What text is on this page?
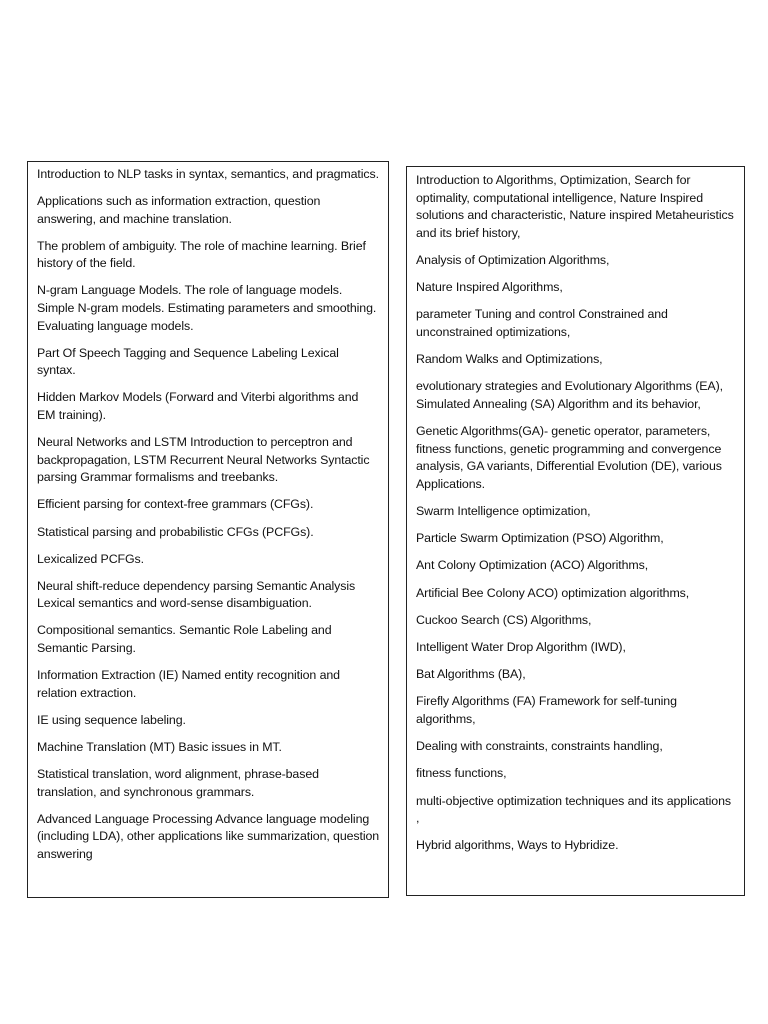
Introduction to NLP tasks in syntax, semantics, and pragmatics.

Applications such as information extraction, question answering, and machine translation.

The problem of ambiguity. The role of machine learning. Brief history of the field.

N-gram Language Models. The role of language models. Simple N-gram models. Estimating parameters and smoothing. Evaluating language models.

Part Of Speech Tagging and Sequence Labeling Lexical syntax.

Hidden Markov Models (Forward and Viterbi algorithms and EM training).

Neural Networks and LSTM Introduction to perceptron and backpropagation, LSTM Recurrent Neural Networks Syntactic parsing Grammar formalisms and treebanks.

Efficient parsing for context-free grammars (CFGs).

Statistical parsing and probabilistic CFGs (PCFGs).

Lexicalized PCFGs.

Neural shift-reduce dependency parsing Semantic Analysis Lexical semantics and word-sense disambiguation.

Compositional semantics. Semantic Role Labeling and Semantic Parsing.

Information Extraction (IE) Named entity recognition and relation extraction.

IE using sequence labeling.

Machine Translation (MT) Basic issues in MT.

Statistical translation, word alignment, phrase-based translation, and synchronous grammars.

Advanced Language Processing Advance language modeling (including LDA), other applications like summarization, question answering

Introduction to Algorithms, Optimization, Search for optimality, computational intelligence, Nature Inspired solutions and characteristic, Nature inspired Metaheuristics and its brief history,

Analysis of Optimization Algorithms,

Nature Inspired Algorithms,

parameter Tuning and control Constrained and unconstrained optimizations,

Random Walks and Optimizations,

evolutionary strategies and Evolutionary Algorithms (EA), Simulated Annealing (SA) Algorithm and its behavior,

Genetic Algorithms(GA)- genetic operator, parameters, fitness functions, genetic programming and convergence analysis, GA variants, Differential Evolution (DE), various Applications.

Swarm Intelligence optimization,

Particle Swarm Optimization (PSO) Algorithm,

Ant Colony Optimization (ACO) Algorithms,

Artificial Bee Colony ACO) optimization algorithms,

Cuckoo Search (CS) Algorithms,

Intelligent Water Drop Algorithm (IWD),

Bat Algorithms (BA),

Firefly Algorithms (FA) Framework for self-tuning algorithms,

Dealing with constraints, constraints handling,

fitness functions,

multi-objective optimization techniques and its applications ,

Hybrid algorithms, Ways to Hybridize.
